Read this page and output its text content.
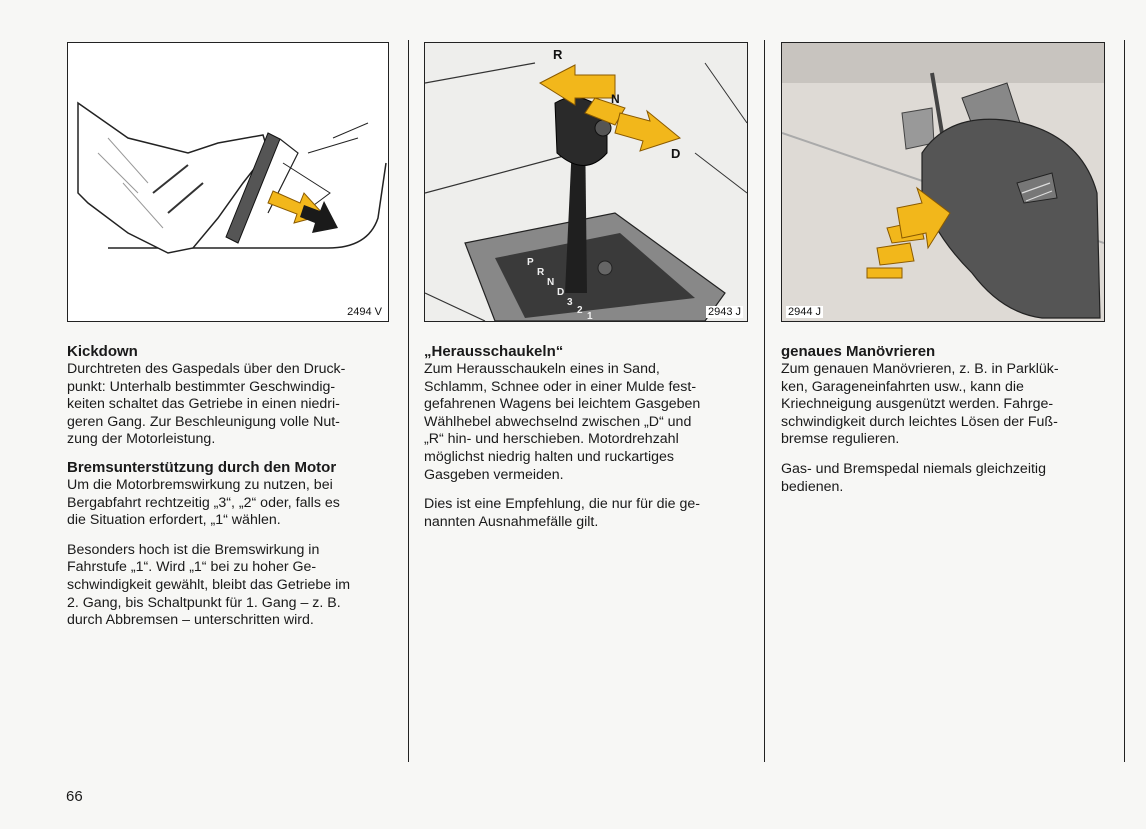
2494 V
R
N
D
P
R
N
D
3
2
1	2943 J	2944 J
Kickdown

Durchtreten des Gaspedals über den Druck-
punkt: Unterhalb bestimmter Geschwindig-
keiten schaltet das Getriebe in einen niedri-
geren Gang. Zur Beschleunigung volle Nut-
zung der Motorleistung.

Bremsunterstützung durch den Motor

Um die Motorbremswirkung zu nutzen, bei
Bergabfahrt rechtzeitig „3“, „2“ oder, falls es
die Situation erfordert, „1“ wählen.

Besonders hoch ist die Bremswirkung in
Fahrstufe „1“. Wird „1“ bei zu hoher Ge-
schwindigkeit gewählt, bleibt das Getriebe im
2. Gang, bis Schaltpunkt für 1. Gang – z. B.
durch Abbremsen – unterschritten wird.

„Herausschaukeln“

Zum Herausschaukeln eines in Sand,
Schlamm, Schnee oder in einer Mulde fest-
gefahrenen Wagens bei leichtem Gasgeben
Wählhebel abwechselnd zwischen „D“ und
„R“ hin- und herschieben. Motordrehzahl
möglichst niedrig halten und ruckartiges
Gasgeben vermeiden.

Dies ist eine Empfehlung, die nur für die ge-
nannten Ausnahmefälle gilt.

genaues Manövrieren

Zum genauen Manövrieren, z. B. in Parklük-
ken, Garageneinfahrten usw., kann die
Kriechneigung ausgenützt werden. Fahrge-
schwindigkeit durch leichtes Lösen der Fuß-
bremse regulieren.

Gas- und Bremspedal niemals gleichzeitig
bedienen.

66
